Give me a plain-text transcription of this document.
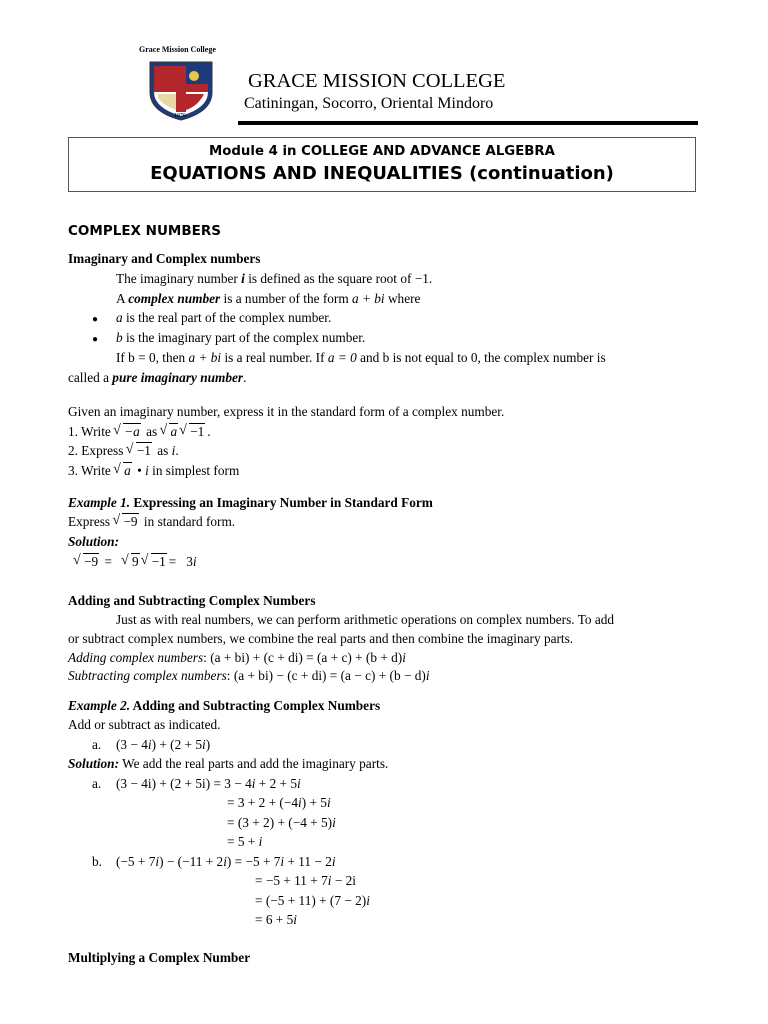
Grace Mission College
1976
GRACE MISSION COLLEGE
Catiningan, Socorro, Oriental Mindoro
Module 4 in COLLEGE AND ADVANCE ALGEBRA
EQUATIONS AND INEQUALITIES (continuation)
COMPLEX NUMBERS
Imaginary and Complex numbers
The imaginary number i is defined as the square root of −1.
A complex number is a number of the form a + bi where
● a is the real part of the complex number.
● b is the imaginary part of the complex number.
If b = 0, then a + bi is a real number. If a = 0 and b is not equal to 0, the complex number is
called a pure imaginary number.
Given an imaginary number, express it in the standard form of a complex number.
1. Write √ −a as √ a √ −1 .
2. Express √ −1 as i.
3. Write √ a • i in simplest form
Example 1. Expressing an Imaginary Number in Standard Form
Express √ −9 in standard form.
Solution:
√ −9 =   √ 9 √ −1 =   3i
Adding and Subtracting Complex Numbers
Just as with real numbers, we can perform arithmetic operations on complex numbers. To add
or subtract complex numbers, we combine the real parts and then combine the imaginary parts.
Adding complex numbers: (a + bi) + (c + di) = (a + c) + (b + d)i
Subtracting complex numbers: (a + bi) − (c + di) = (a − c) + (b − d)i
Example 2. Adding and Subtracting Complex Numbers
Add or subtract as indicated.
a. (3 − 4i) + (2 + 5i)
Solution: We add the real parts and add the imaginary parts.
a. (3 − 4i) + (2 + 5i) = 3 − 4i + 2 + 5i
= 3 + 2 + (−4i) + 5i
= (3 + 2) + (−4 + 5)i
= 5 + i
b. (−5 + 7i) − (−11 + 2i) = −5 + 7i + 11 − 2i
= −5 + 11 + 7i − 2i
= (−5 + 11) + (7 − 2)i
= 6 + 5i
Multiplying a Complex Number
